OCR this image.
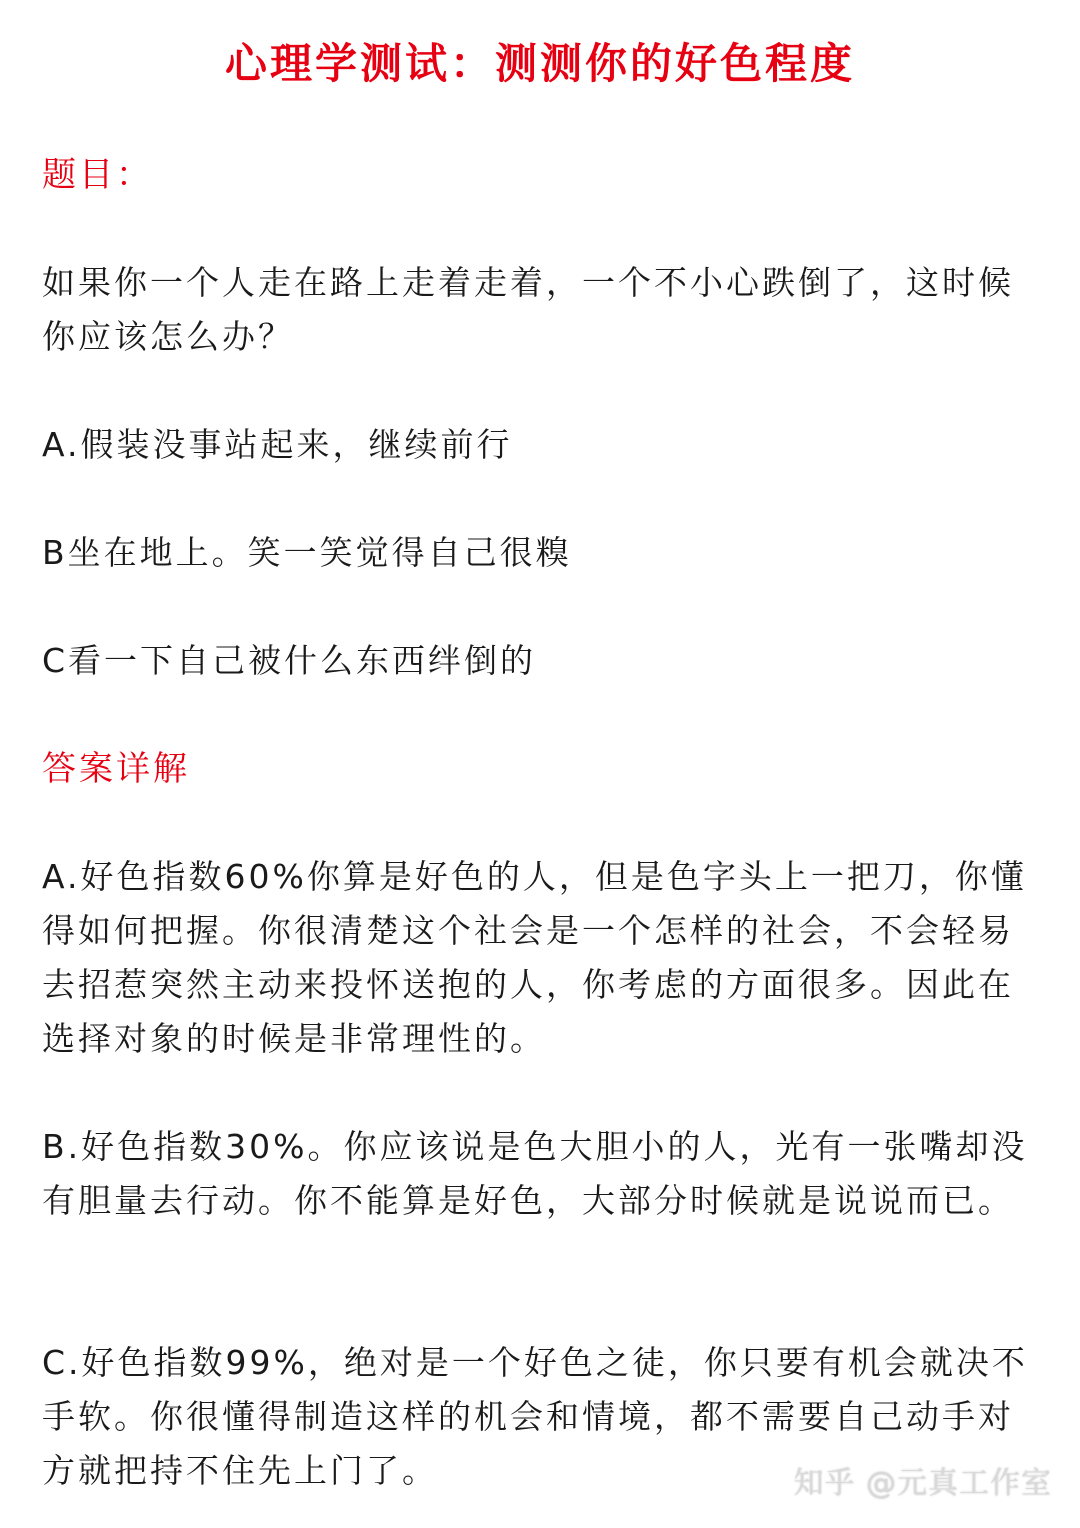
心理学测试：测测你的好色程度

题目：

如果你一个人走在路上走着走着，一个不小心跌倒了，这时候你应该怎么办？

A.假装没事站起来，继续前行

B坐在地上。笑一笑觉得自己很糗

C看一下自己被什么东西绊倒的

答案详解

A.好色指数60%你算是好色的人，但是色字头上一把刀，你懂得如何把握。你很清楚这个社会是一个怎样的社会，不会轻易去招惹突然主动来投怀送抱的人，你考虑的方面很多。因此在选择对象的时候是非常理性的。

B.好色指数30%。你应该说是色大胆小的人，光有一张嘴却没有胆量去行动。你不能算是好色，大部分时候就是说说而已。

C.好色指数99%，绝对是一个好色之徒，你只要有机会就决不手软。你很懂得制造这样的机会和情境，都不需要自己动手对方就把持不住先上门了。	知乎 @元真工作室
